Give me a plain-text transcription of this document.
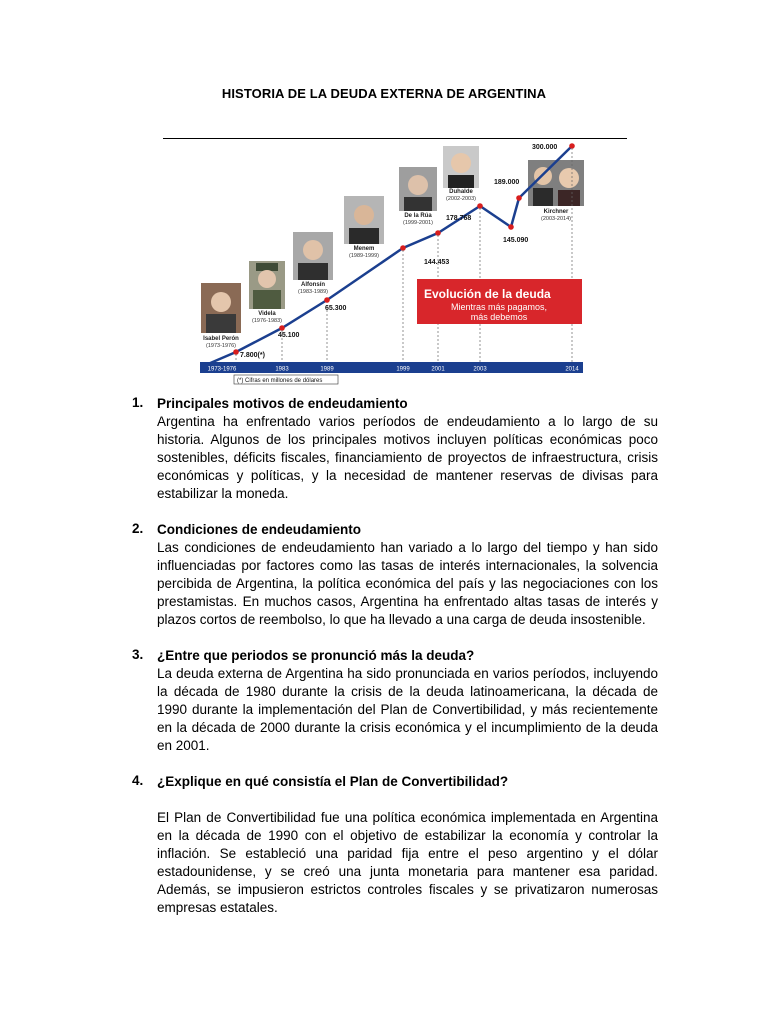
HISTORIA DE LA DEUDA EXTERNA DE ARGENTINA
Isabel Perón
(1973-1976)
Videla
(1976-1983)
Alfonsín
(1983-1989)
Menem
(1989-1999)
De la Rúa
(1999-2001)
Duhalde
(2002-2003)
Kirchner
(2003-2014)
7.800(*)
45.100
65.300
144.453
178.768
189.000
145.090
300.000
Evolución de la deuda
Mientras más pagamos,
más debemos
1973-1976	1983	1989	1999	2001	2003	2014
(*) Cifras en millones de dólares
1. Principales motivos de endeudamiento
Argentina ha enfrentado varios períodos de endeudamiento a lo largo de su historia. Algunos de los principales motivos incluyen políticas económicas poco sostenibles, déficits fiscales, financiamiento de proyectos de infraestructura, crisis económicas y políticas, y la necesidad de mantener reservas de divisas para estabilizar la moneda.
2. Condiciones de endeudamiento
Las condiciones de endeudamiento han variado a lo largo del tiempo y han sido influenciadas por factores como las tasas de interés internacionales, la solvencia percibida de Argentina, la política económica del país y las negociaciones con los prestamistas. En muchos casos, Argentina ha enfrentado altas tasas de interés y plazos cortos de reembolso, lo que ha llevado a una carga de deuda insostenible.
3. ¿Entre que periodos se pronunció más la deuda?
La deuda externa de Argentina ha sido pronunciada en varios períodos, incluyendo la década de 1980 durante la crisis de la deuda latinoamericana, la década de 1990 durante la implementación del Plan de Convertibilidad, y más recientemente en la década de 2000 durante la crisis económica y el incumplimiento de la deuda en 2001.
4. ¿Explique en qué consistía el Plan de Convertibilidad?
El Plan de Convertibilidad fue una política económica implementada en Argentina en la década de 1990 con el objetivo de estabilizar la economía y controlar la inflación. Se estableció una paridad fija entre el peso argentino y el dólar estadounidense, y se creó una junta monetaria para mantener esa paridad. Además, se impusieron estrictos controles fiscales y se privatizaron numerosas empresas estatales.
